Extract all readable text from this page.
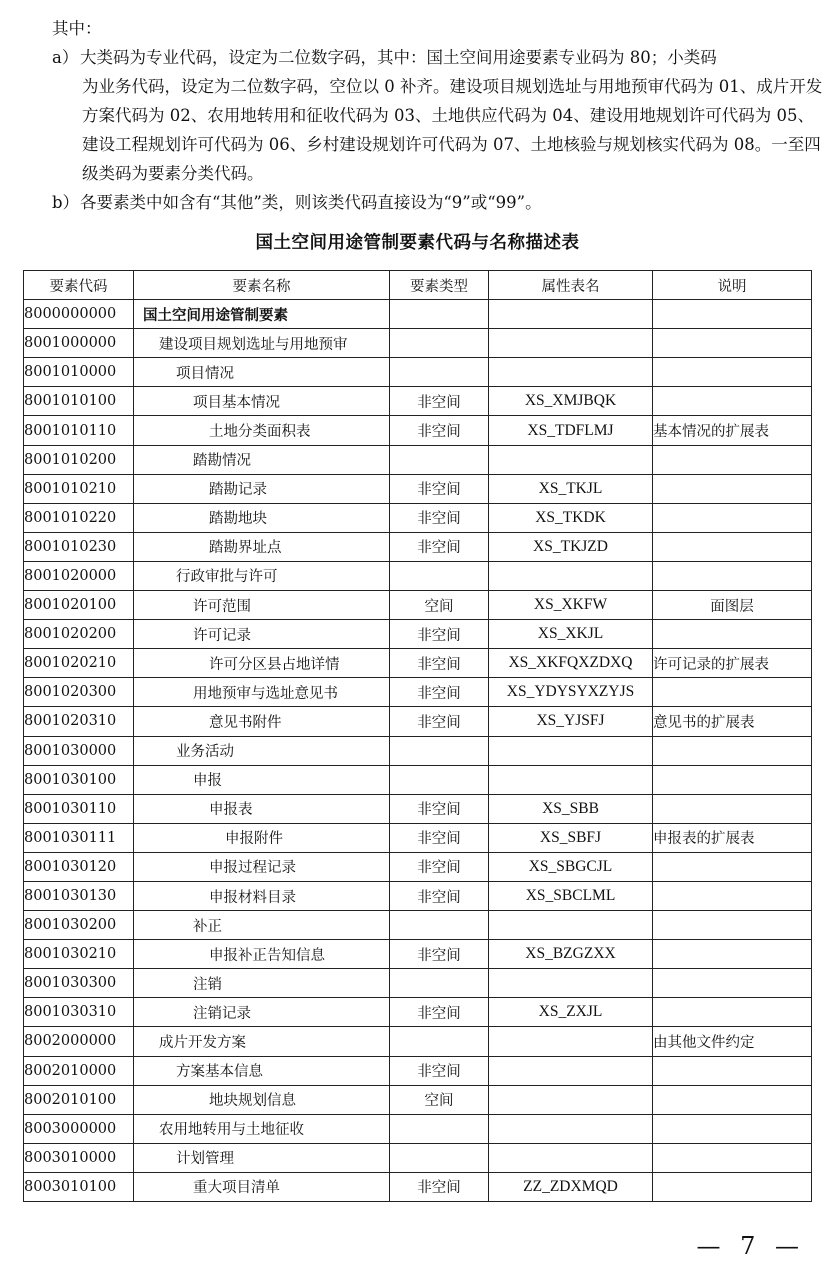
其中：

a） 大类码为专业代码，设定为二位数字码，其中：国土空间用途要素专业码为 80；小类码
为业务代码，设定为二位数字码，空位以 0 补齐。建设项目规划选址与用地预审代码为 01、成片开发方案代码为 02、农用地转用和征收代码为 03、土地供应代码为 04、建设用地规划许可代码为 05、建设工程规划许可代码为 06、乡村建设规划许可代码为 07、土地核验与规划核实代码为 08。一至四级类码为要素分类代码。

b）各要素类中如含有“其他”类，则该类代码直接设为“9”或“99”。

国土空间用途管制要素代码与名称描述表
要素代码	要素名称	要素类型	属性表名	说明
8000000000	国土空间用途管制要素			
8001000000	建设项目规划选址与用地预审			
8001010000	项目情况			
8001010100	项目基本情况	非空间	XS_XMJBQK	
8001010110	土地分类面积表	非空间	XS_TDFLMJ	基本情况的扩展表
8001010200	踏勘情况			
8001010210	踏勘记录	非空间	XS_TKJL	
8001010220	踏勘地块	非空间	XS_TKDK	
8001010230	踏勘界址点	非空间	XS_TKJZD	
8001020000	行政审批与许可			
8001020100	许可范围	空间	XS_XKFW	面图层
8001020200	许可记录	非空间	XS_XKJL	
8001020210	许可分区县占地详情	非空间	XS_XKFQXZDXQ	许可记录的扩展表
8001020300	用地预审与选址意见书	非空间	XS_YDYSYXZYJS	
8001020310	意见书附件	非空间	XS_YJSFJ	意见书的扩展表
8001030000	业务活动			
8001030100	申报			
8001030110	申报表	非空间	XS_SBB	
8001030111	申报附件	非空间	XS_SBFJ	申报表的扩展表
8001030120	申报过程记录	非空间	XS_SBGCJL	
8001030130	申报材料目录	非空间	XS_SBCLML	
8001030200	补正			
8001030210	申报补正告知信息	非空间	XS_BZGZXX	
8001030300	注销			
8001030310	注销记录	非空间	XS_ZXJL	
8002000000	成片开发方案			由其他文件约定
8002010000	方案基本信息	非空间		
8002010100	地块规划信息	空间		
8003000000	农用地转用与土地征收			
8003010000	计划管理			
8003010100	重大项目清单	非空间	ZZ_ZDXMQD	
— 7 —
